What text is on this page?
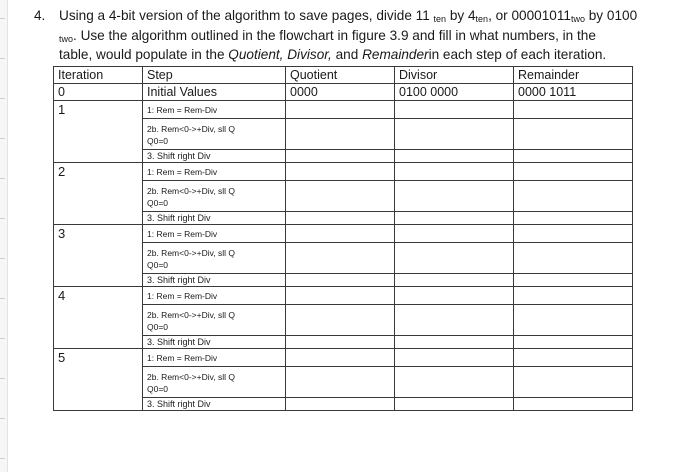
4. Using a 4-bit version of the algorithm to save pages, divide 11 $_{ten}$ by $4_{ten}$, or $00001011_{two}$ by 0100
$_{two}$. Use the algorithm outlined in the flowchart in figure 3.9 and fill in what numbers, in the
table, would populate in the Quotient, Divisor, and Remainderin each step of each iteration.
Iteration	Step	Quotient	Divisor	Remainder
0	Initial Values	0000	0100 0000	0000 1011
1	1: Rem = Rem-Div			

	2b. Rem<0->+Div, sll Q
Q0=0			

	3. Shift right Div			
2	1: Rem = Rem-Div			

	2b. Rem<0->+Div, sll Q
Q0=0			

	3. Shift right Div			
3	1: Rem = Rem-Div			

	2b. Rem<0->+Div, sll Q
Q0=0			

	3. Shift right Div			
4	1: Rem = Rem-Div			

	2b. Rem<0->+Div, sll Q
Q0=0			

	3. Shift right Div			
5	1: Rem = Rem-Div			

	2b. Rem<0->+Div, sll Q
Q0=0			

	3. Shift right Div			
